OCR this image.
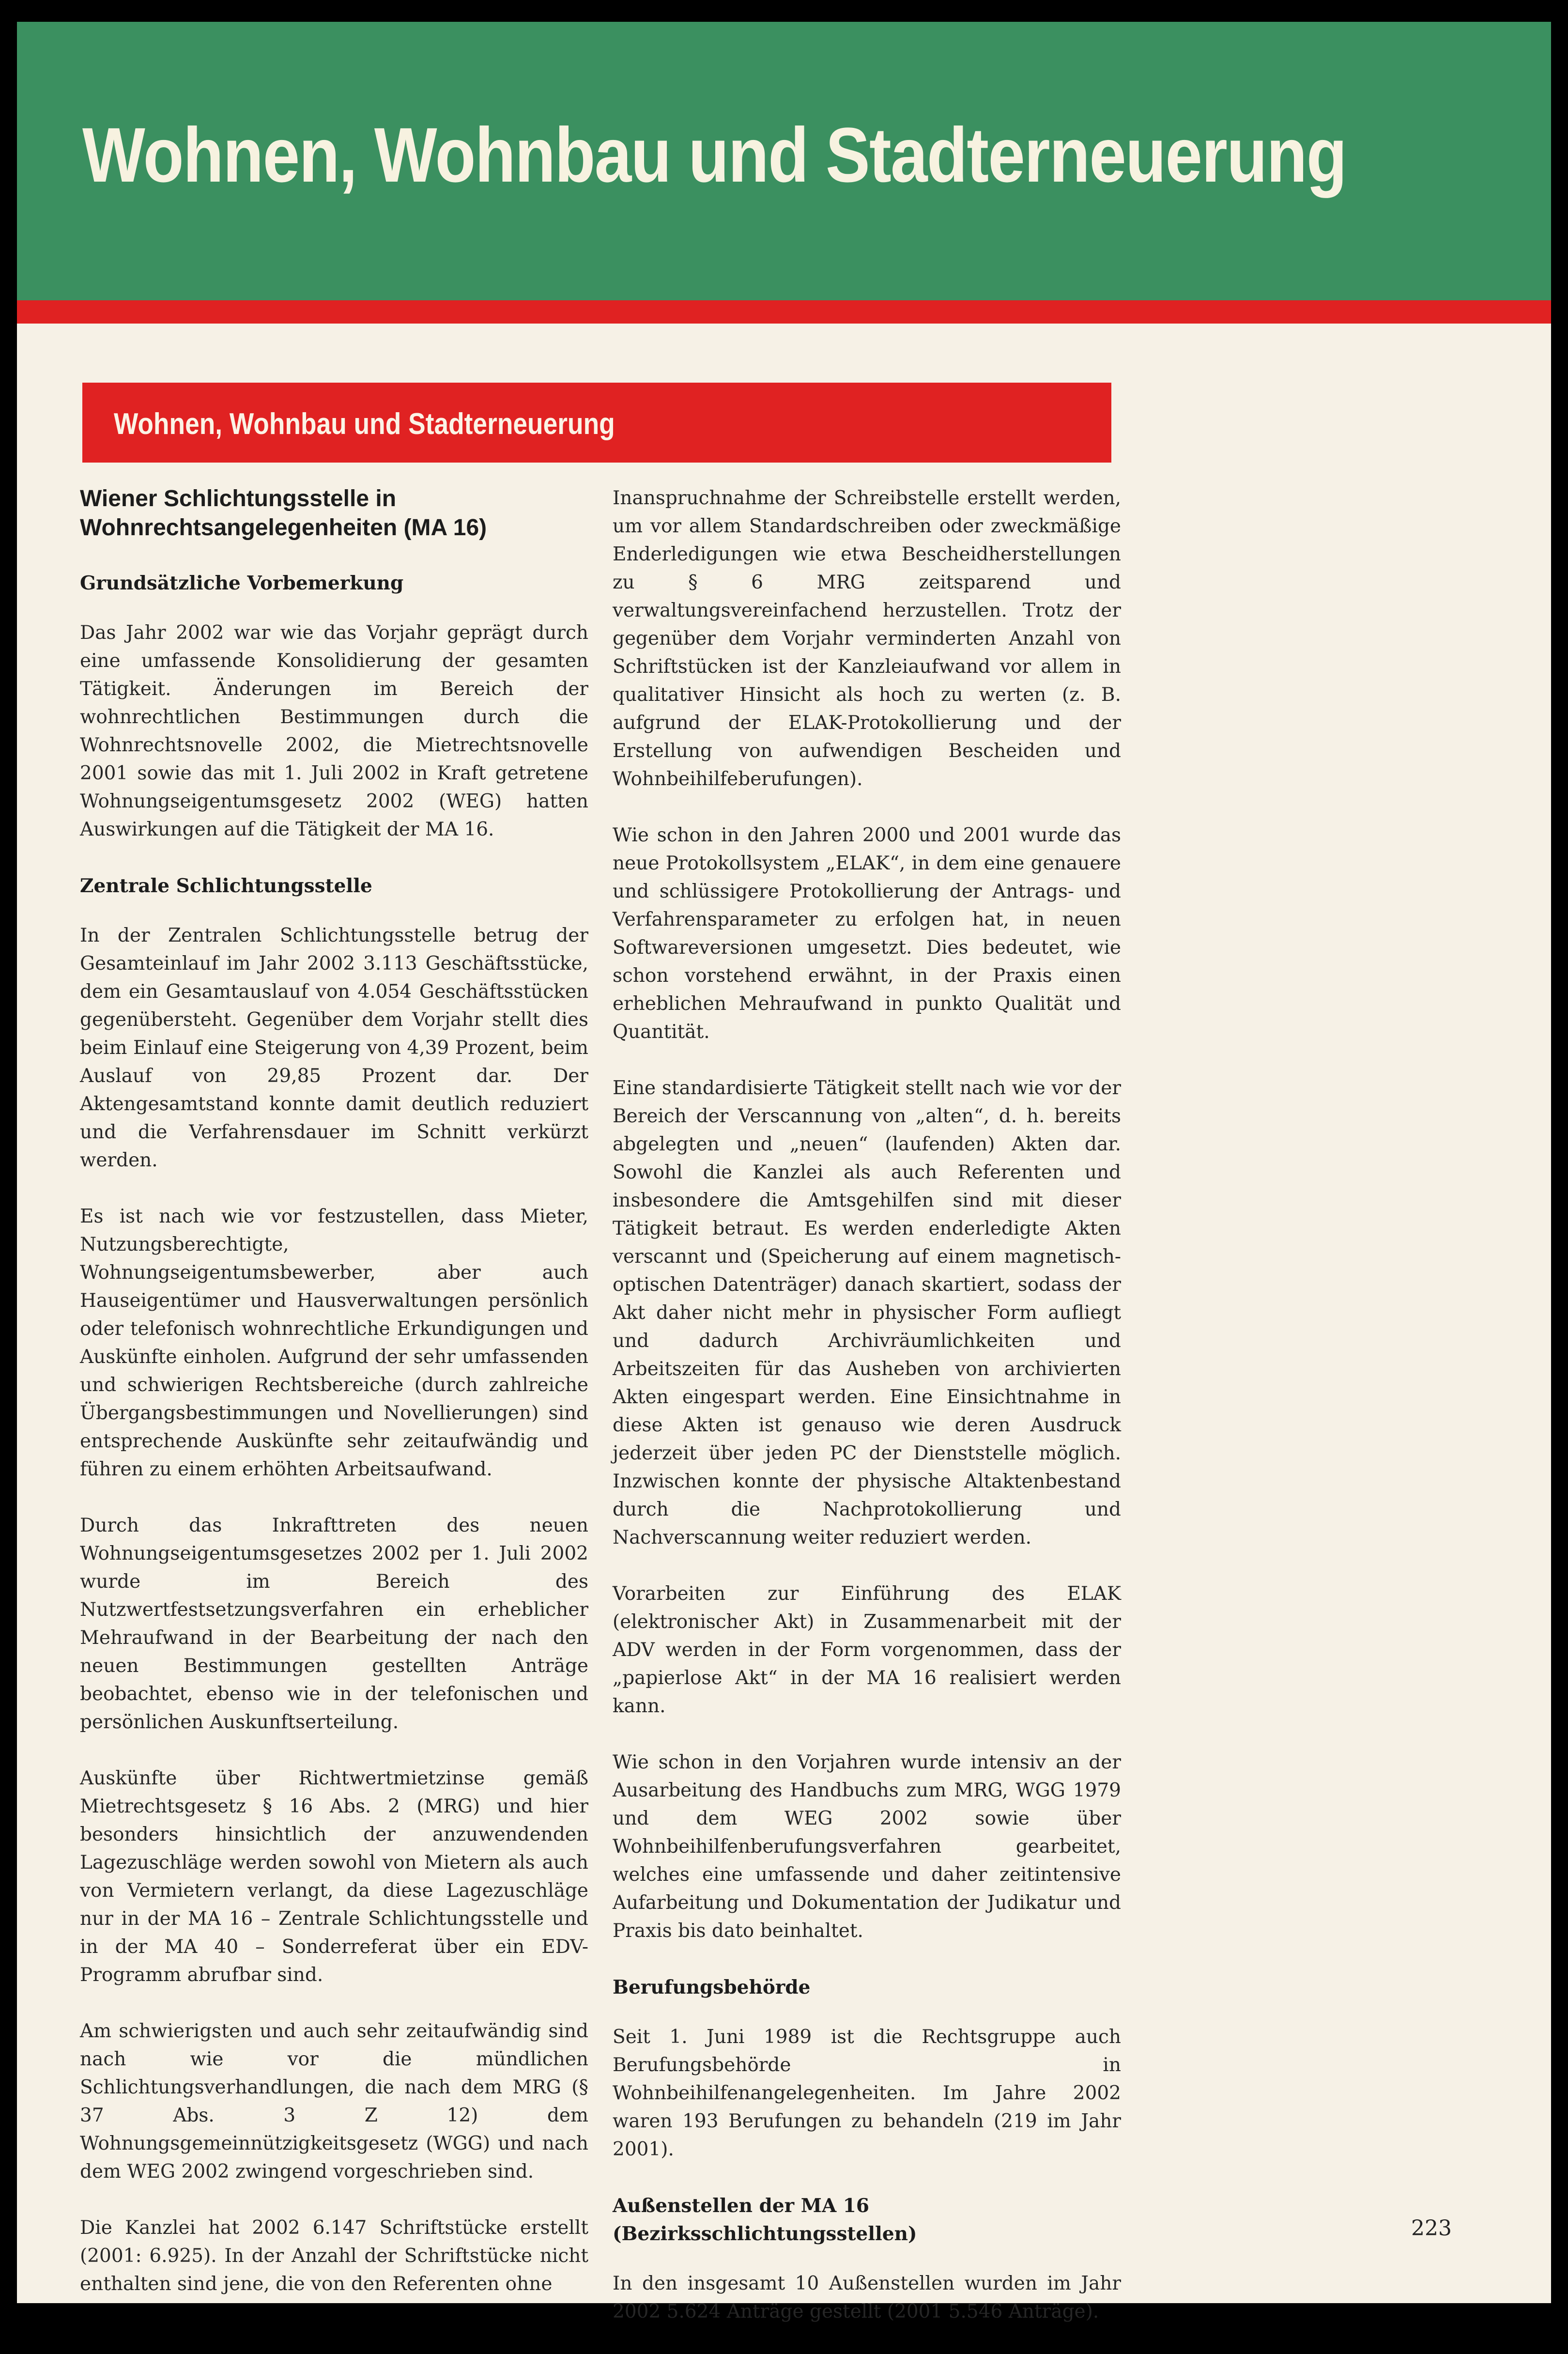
Wohnen, Wohnbau und Stadterneuerung
Wohnen, Wohnbau und Stadterneuerung

Wiener Schlichtungsstelle in Wohnrechtsangelegenheiten (MA 16)

Grundsätzliche Vorbemerkung

Das Jahr 2002 war wie das Vorjahr geprägt durch eine umfassende Konsolidierung der gesamten Tätigkeit. Änderungen im Bereich der wohnrechtlichen Bestimmungen durch die Wohnrechtsnovelle 2002, die Mietrechtsnovelle 2001 sowie das mit 1. Juli 2002 in Kraft getretene Wohnungseigentumsgesetz 2002 (WEG) hatten Auswirkungen auf die Tätigkeit der MA 16.

Zentrale Schlichtungsstelle

In der Zentralen Schlichtungsstelle betrug der Gesamteinlauf im Jahr 2002 3.113 Geschäftsstücke, dem ein Gesamtauslauf von 4.054 Geschäftsstücken gegenübersteht. Gegenüber dem Vorjahr stellt dies beim Einlauf eine Steigerung von 4,39 Prozent, beim Auslauf von 29,85 Prozent dar. Der Aktengesamtstand konnte damit deutlich reduziert und die Verfahrensdauer im Schnitt verkürzt werden.

Es ist nach wie vor festzustellen, dass Mieter, Nutzungsberechtigte, Wohnungseigentumsbewerber, aber auch Hauseigentümer und Hausverwaltungen persönlich oder telefonisch wohnrechtliche Erkundigungen und Auskünfte einholen. Aufgrund der sehr umfassenden und schwierigen Rechtsbereiche (durch zahlreiche Übergangsbestimmungen und Novellierungen) sind entsprechende Auskünfte sehr zeitaufwändig und führen zu einem erhöhten Arbeitsaufwand.

Durch das Inkrafttreten des neuen Wohnungseigentumsgesetzes 2002 per 1. Juli 2002 wurde im Bereich des Nutzwertfestsetzungsverfahren ein erheblicher Mehraufwand in der Bearbeitung der nach den neuen Bestimmungen gestellten Anträge beobachtet, ebenso wie in der telefonischen und persönlichen Auskunftserteilung.

Auskünfte über Richtwertmietzinse gemäß Mietrechtsgesetz § 16 Abs. 2 (MRG) und hier besonders hinsichtlich der anzuwendenden Lagezuschläge werden sowohl von Mietern als auch von Vermietern verlangt, da diese Lagezuschläge nur in der MA 16 – Zentrale Schlichtungsstelle und in der MA 40 – Sonderreferat über ein EDV-Programm abrufbar sind.

Am schwierigsten und auch sehr zeitaufwändig sind nach wie vor die mündlichen Schlichtungsverhandlungen, die nach dem MRG (§ 37 Abs. 3 Z 12) dem Wohnungsgemeinnützigkeitsgesetz (WGG) und nach dem WEG 2002 zwingend vorgeschrieben sind.

Die Kanzlei hat 2002 6.147 Schriftstücke erstellt (2001: 6.925). In der Anzahl der Schriftstücke nicht enthalten sind jene, die von den Referenten ohne

Inanspruchnahme der Schreibstelle erstellt werden, um vor allem Standardschreiben oder zweckmäßige Enderledigungen wie etwa Bescheidherstellungen zu § 6 MRG zeitsparend und verwaltungsvereinfachend herzustellen. Trotz der gegenüber dem Vorjahr verminderten Anzahl von Schriftstücken ist der Kanzleiaufwand vor allem in qualitativer Hinsicht als hoch zu werten (z. B. aufgrund der ELAK-Protokollierung und der Erstellung von aufwendigen Bescheiden und Wohnbeihilfeberufungen).

Wie schon in den Jahren 2000 und 2001 wurde das neue Protokollsystem „ELAK“, in dem eine genauere und schlüssigere Protokollierung der Antrags- und Verfahrensparameter zu erfolgen hat, in neuen Softwareversionen umgesetzt. Dies bedeutet, wie schon vorstehend erwähnt, in der Praxis einen erheblichen Mehraufwand in punkto Qualität und Quantität.

Eine standardisierte Tätigkeit stellt nach wie vor der Bereich der Verscannung von „alten“, d. h. bereits abgelegten und „neuen“ (laufenden) Akten dar. Sowohl die Kanzlei als auch Referenten und insbesondere die Amtsgehilfen sind mit dieser Tätigkeit betraut. Es werden enderledigte Akten verscannt und (Speicherung auf einem magnetisch-optischen Datenträger) danach skartiert, sodass der Akt daher nicht mehr in physischer Form aufliegt und dadurch Archivräumlichkeiten und Arbeitszeiten für das Ausheben von archivierten Akten eingespart werden. Eine Einsichtnahme in diese Akten ist genauso wie deren Ausdruck jederzeit über jeden PC der Dienststelle möglich. Inzwischen konnte der physische Altaktenbestand durch die Nachprotokollierung und Nachverscannung weiter reduziert werden.

Vorarbeiten zur Einführung des ELAK (elektronischer Akt) in Zusammenarbeit mit der ADV werden in der Form vorgenommen, dass der „papierlose Akt“ in der MA 16 realisiert werden kann.

Wie schon in den Vorjahren wurde intensiv an der Ausarbeitung des Handbuchs zum MRG, WGG 1979 und dem WEG 2002 sowie über Wohnbeihilfenberufungsverfahren gearbeitet, welches eine umfassende und daher zeitintensive Aufarbeitung und Dokumentation der Judikatur und Praxis bis dato beinhaltet.

Berufungsbehörde

Seit 1. Juni 1989 ist die Rechtsgruppe auch Berufungsbehörde in Wohnbeihilfenangelegenheiten. Im Jahre 2002 waren 193 Berufungen zu behandeln (219 im Jahr 2001).

Außenstellen der MA 16 (Bezirksschlichtungsstellen)

In den insgesamt 10 Außenstellen wurden im Jahr 2002 5.624 Anträge gestellt (2001 5.546 Anträge).

223
